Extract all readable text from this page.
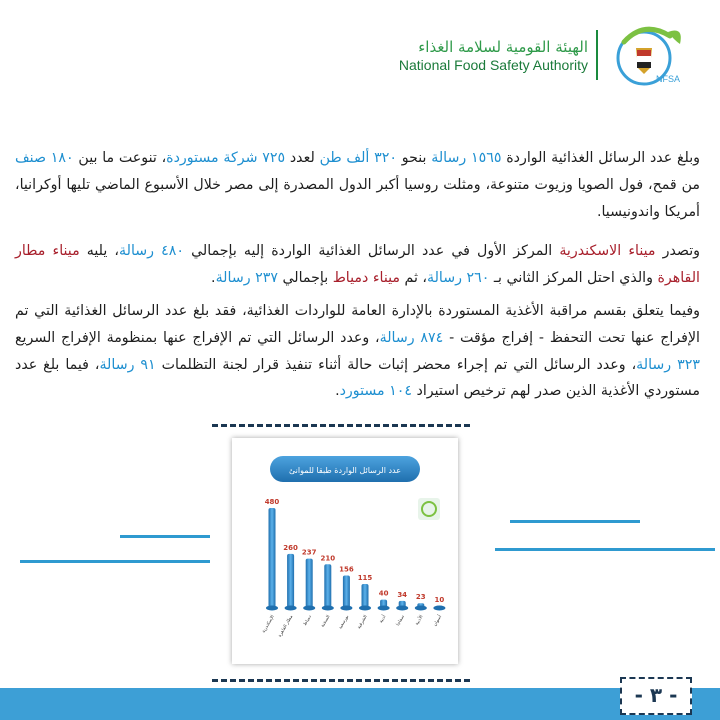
الهيئة القومية لسلامة الغذاء
National Food Safety Authority
NFSA
وبلغ عدد الرسائل الغذائية الواردة ١٥٦٥ رسالة بنحو ٣٢٠ ألف طن لعدد ٧٢٥ شركة مستوردة، تنوعت ما بين ١٨٠ صنف من قمح، فول الصويا وزيوت متنوعة، ومثلت روسيا أكبر الدول المصدرة إلى مصر خلال الأسبوع الماضي تليها أوكرانيا، أمريكا واندونيسيا.
وتصدر ميناء الاسكندرية المركز الأول في عدد الرسائل الغذائية الواردة إليه بإجمالي ٤٨٠ رسالة، يليه ميناء مطار القاهرة والذي احتل المركز الثاني بـ ٢٦٠ رسالة، ثم ميناء دمياط بإجمالي ٢٣٧ رسالة.
وفيما يتعلق بقسم مراقبة الأغذية المستوردة بالإدارة العامة للواردات الغذائية، فقد بلغ عدد الرسائل الغذائية التي تم الإفراج عنها تحت التحفظ - إفراج مؤقت - ٨٧٤ رسالة، وعدد الرسائل التي تم الإفراج عنها بمنظومة الإفراج السريع ٣٢٣ رسالة، وعدد الرسائل التي تم إجراء محضر إثبات حالة أثناء تنفيذ قرار لجنة التظلمات ٩١ رسالة، فيما بلغ عدد مستوردي الأغذية الذين صدر لهم ترخيص استيراد ١٠٤ مستورد.
عدد الرسائل الواردة طبقا للموانئ
480
الإسكندرية
260
مطار القاهرة
237
دمياط
210
السخنة
156
بورسعيد
115
الشرقية
40
أدبية
34
سفاجا
23
الأدبية
10
أسوان
- ٣ -
